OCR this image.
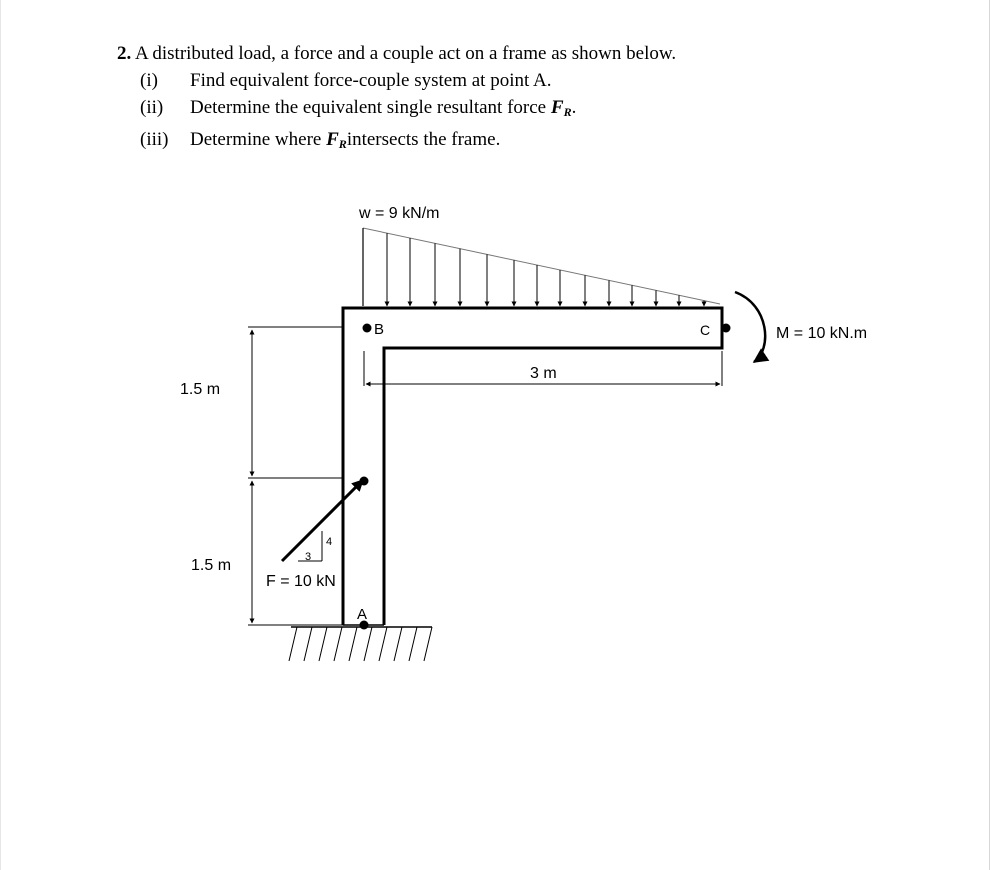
2. A distributed load, a force and a couple act on a frame as shown below.
(i) Find equivalent force-couple system at point A.
(ii) Determine the equivalent single resultant force $F_R$.
(iii) Determine where $F_Rintersects$ the frame.
w = 9 kN/m
B	C
A
M = 10 kN.m
3 m
1.5 m
1.5 m	3
4
F = 10 kN
